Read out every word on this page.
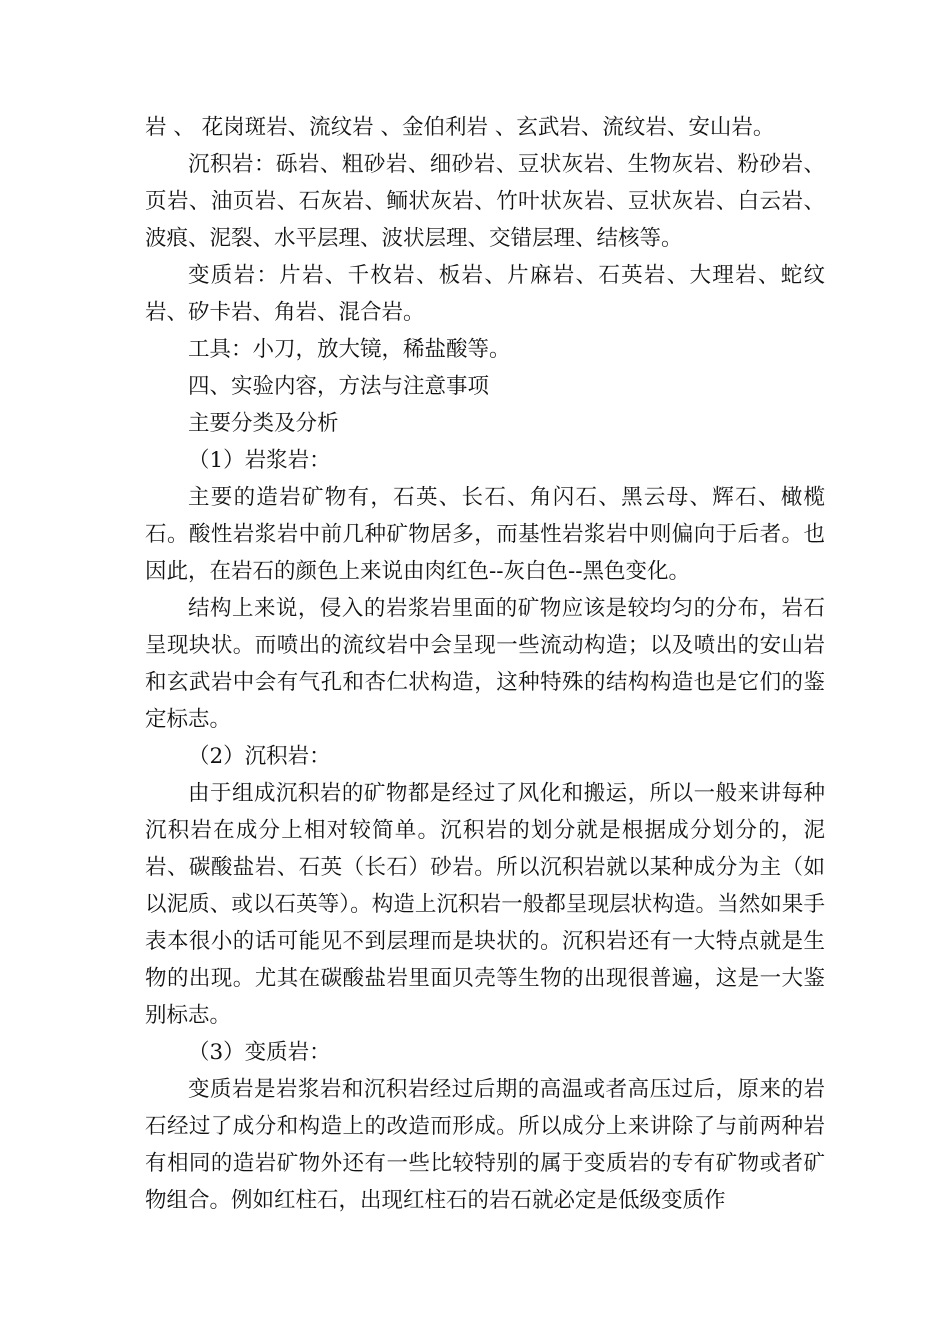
岩 、 花岗斑岩、流纹岩 、金伯利岩 、玄武岩、流纹岩、安山岩。

沉积岩：砾岩、粗砂岩、细砂岩、豆状灰岩、生物灰岩、粉砂岩、页岩、油页岩、石灰岩、鲕状灰岩、竹叶状灰岩、豆状灰岩、白云岩、波痕、泥裂、水平层理、波状层理、交错层理、结核等。

变质岩：片岩、千枚岩、板岩、片麻岩、石英岩、大理岩、蛇纹岩、矽卡岩、角岩、混合岩。

工具：小刀，放大镜，稀盐酸等。

四、实验内容，方法与注意事项

主要分类及分析

（1）岩浆岩：

主要的造岩矿物有，石英、长石、角闪石、黑云母、辉石、橄榄石。酸性岩浆岩中前几种矿物居多，而基性岩浆岩中则偏向于后者。也因此，在岩石的颜色上来说由肉红色--灰白色--黑色变化。

结构上来说，侵入的岩浆岩里面的矿物应该是较均匀的分布，岩石呈现块状。而喷出的流纹岩中会呈现一些流动构造；以及喷出的安山岩和玄武岩中会有气孔和杏仁状构造，这种特殊的结构构造也是它们的鉴定标志。

（2）沉积岩：

由于组成沉积岩的矿物都是经过了风化和搬运，所以一般来讲每种沉积岩在成分上相对较简单。沉积岩的划分就是根据成分划分的，泥岩、碳酸盐岩、石英（长石）砂岩。所以沉积岩就以某种成分为主（如以泥质、或以石英等）。构造上沉积岩一般都呈现层状构造。当然如果手表本很小的话可能见不到层理而是块状的。沉积岩还有一大特点就是生物的出现。尤其在碳酸盐岩里面贝壳等生物的出现很普遍，这是一大鉴别标志。

（3）变质岩：

变质岩是岩浆岩和沉积岩经过后期的高温或者高压过后，原来的岩石经过了成分和构造上的改造而形成。所以成分上来讲除了与前两种岩有相同的造岩矿物外还有一些比较特别的属于变质岩的专有矿物或者矿物组合。例如红柱石，出现红柱石的岩石就必定是低级变质作
